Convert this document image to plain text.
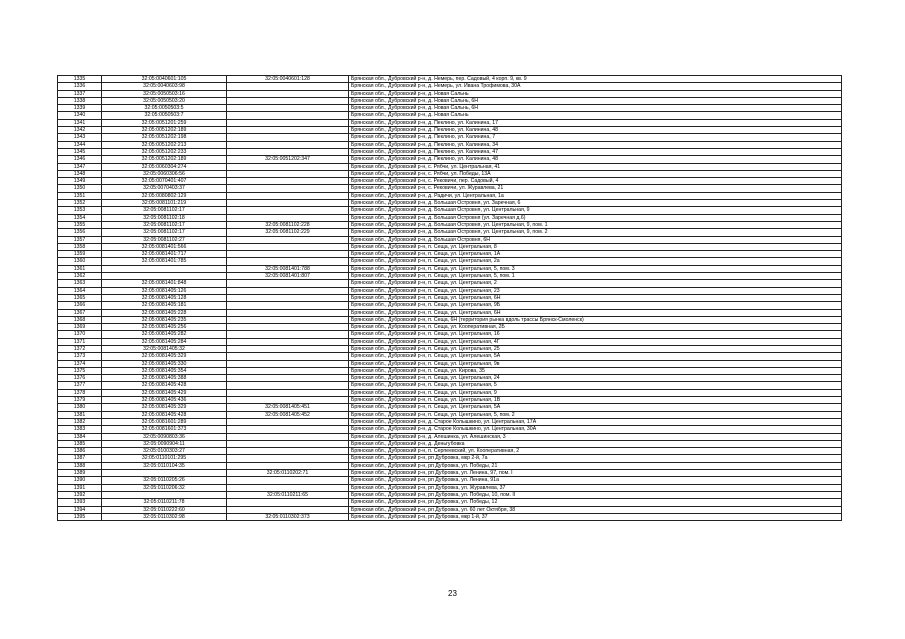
1335	32:05:0040601:105	32:05:0040601:128	Брянская обл., Дубровский р-н, д. Немерь, пер. Садовый, 4 корп. 9, кв. 9
1336	32:05:0040603:98		Брянская обл., Дубровский р-н, д. Немерь, ул. Ивана Трофимова, 30А
1337	32:05:0050503:16		Брянская обл., Дубровский р-н, д. Новая Сальнь
1338	32:05:0050503:20		Брянская обл., Дубровский р-н, д. Новая Сальнь, 6Н
1339	32:05:0050503:5		Брянская обл., Дубровский р-н, д. Новая Сальнь, 6Н
1340	32:05:0050503:7		Брянская обл., Дубровский р-н, д. Новая Сальнь
1341	32:05:0051201:259		Брянская обл., Дубровский р-н, д. Пеклино, ул. Калинина, 17
1342	32:05:0051202:189		Брянская обл., Дубровский р-н, д. Пеклино, ул. Калинина, 48
1343	32:05:0051202:198		Брянская обл., Дубровский р-н, д. Пеклино, ул. Калинина, 7
1344	32:05:0051202:213		Брянская обл., Дубровский р-н, д. Пеклино, ул. Калинина, 34
1345	32:05:0051202:233		Брянская обл., Дубровский р-н, д. Пеклино, ул. Калинина, 47
1346	32:05:0051202:189	32:05:0051202:347	Брянская обл., Дубровский р-н, д. Пеклино, ул. Калинина, 48
1347	32:05:0060304:274		Брянская обл., Дубровский р-н, с. Рябчи, ул. Центральная, 41
1348	32:05:0060306:56		Брянская обл., Дубровский р-н, с. Рябчи, ул. Победы, 13А
1349	32:05:0070401:407		Брянская обл., Дубровский р-н, с. Рековичи, пер. Садовый, 4
1350	32:05:0070403:37		Брянская обл., Дубровский р-н, с. Рековичи, ул. Журавлева, 21
1351	32:05:0080802:129		Брянская обл., Дубровский р-н, д. Радичи, ул. Центральная, 1а
1352	32:05:0081101:219		Брянская обл., Дубровский р-н, д. Большая Островня, ул. Заречная, 6
1353	32:05:0081102:17		Брянская обл., Дубровский р-н, д. Большая Островня, ул. Центральная, 9
1354	32:05:0081102:18		Брянская обл., Дубровский р-н, д. Большая Островня (ул. Заречная д.6)
1355	32:05:0081102:17	32:05:0081102:228	Брянская обл., Дубровский р-н, д. Большая Островня, ул. Центральная, 9, пом. 1
1356	32:05:0081102:17	32:05:0081102:229	Брянская обл., Дубровский р-н, д. Большая Островня, ул. Центральная, 9, пом. 2
1357	32:05:0081102:27		Брянская обл., Дубровский р-н, д. Большая Островня, 6Н
1358	32:05:0081401:566		Брянская обл., Дубровский р-н, п. Сеща, ул. Центральная, 8
1359	32:05:0081401:717		Брянская обл., Дубровский р-н, п. Сеща, ул. Центральная, 1А
1360	32:05:0081401:785		Брянская обл., Дубровский р-н, п. Сеща, ул. Центральная, 2а
1361		32:05:0081401:788	Брянская обл., Дубровский р-н, п. Сеща, ул. Центральная, 5, пом. 3
1362		32:05:0081401:807	Брянская обл., Дубровский р-н, п. Сеща, ул. Центральная, 5, пом. 1
1363	32:05:0081401:848		Брянская обл., Дубровский р-н, п. Сеща, ул. Центральная, 2
1364	32:05:0081405:126		Брянская обл., Дубровский р-н, п. Сеща, ул. Центральная, 23
1365	32:05:0081405:128		Брянская обл., Дубровский р-н, п. Сеща, ул. Центральная, 6Н
1366	32:05:0081405:181		Брянская обл., Дубровский р-н, п. Сеща, ул. Центральная, 9Б
1367	32:05:0081405:228		Брянская обл., Дубровский р-н, п. Сеща, ул. Центральная, 6Н
1368	32:05:0081405:235		Брянская обл., Дубровский р-н, п. Сеща, 6Н (территория рынка вдоль трассы Брянск-Смоленск)
1369	32:05:0081405:256		Брянская обл., Дубровский р-н, п. Сеща, ул. Кооперативная, 2Б
1370	32:05:0081405:282		Брянская обл., Дубровский р-н, п. Сеща, ул. Центральная, 16
1371	32:05:0081405:284		Брянская обл., Дубровский р-н, п. Сеща, ул. Центральная, 4Г
1372	32:05:0081405:32		Брянская обл., Дубровский р-н, п. Сеща, ул. Центральная, 25
1373	32:05:0081405:329		Брянская обл., Дубровский р-н, п. Сеща, ул. Центральная, 5А
1374	32:05:0081405:330		Брянская обл., Дубровский р-н, п. Сеща, ул. Центральная, 9в
1375	32:05:0081405:354		Брянская обл., Дубровский р-н, п. Сеща, ул. Кирова, 35
1376	32:05:0081405:388		Брянская обл., Дубровский р-н, п. Сеща, ул. Центральная, 24
1377	32:05:0081405:428		Брянская обл., Дубровский р-н, п. Сеща, ул. Центральная, 5
1378	32:05:0081405:429		Брянская обл., Дубровский р-н, п. Сеща, ул. Центральная, 9
1379	32:05:0081405:436		Брянская обл., Дубровский р-н, п. Сеща, ул. Центральная, 1В
1380	32:05:0081405:329	32:05:0081405:451	Брянская обл., Дубровский р-н, п. Сеща, ул. Центральная, 5А
1381	32:05:0081405:428	32:05:0081405:452	Брянская обл., Дубровский р-н, п. Сеща, ул. Центральная, 5, пом. 2
1382	32:05:0081601:289		Брянская обл., Дубровский р-н, д. Старое Колышкино, ул. Центральная, 17А
1383	32:05:0081601:373		Брянская обл., Дубровский р-н, д. Старое Колышкино, ул. Центральная, 30А
1384	32:05:0090803:36		Брянская обл., Дубровский р-н, д. Алешинка, ул. Алешинская, 3
1385	32:05:0090904:11		Брянская обл., Дубровский р-н, д. Деньгубовка
1386	32:05:0100303:27		Брянская обл., Дубровский р-н, п. Серпеевский, ул. Кооперативная, 2
1387	32:05:0110101:295		Брянская обл., Дубровский р-н, рп Дубровка, мкр 2-й, 7а
1388	32:05:0110104:35		Брянская обл., Дубровский р-н, рп Дубровка, ул. Победы, 21
1389		32:05:0110202:71	Брянская обл., Дубровский р-н, рп Дубровка, ул. Ленина, 97, пом. I
1390	32:05:0110205:26		Брянская обл., Дубровский р-н, рп Дубровка, ул. Ленина, 91а
1391	32:05:0110206:32		Брянская обл., Дубровский р-н, рп Дубровка, ул. Журавлева, 37
1392		32:05:0110211:65	Брянская обл., Дубровский р-н, рп Дубровка, ул. Победы, 10, пом. II
1393	32:05:0110211:78		Брянская обл., Дубровский р-н, рп Дубровка, ул. Победы, 12
1394	32:05:0110222:60		Брянская обл., Дубровский р-н, рп Дубровка, ул. 60 лет Октября, 38
1395	32:05:0110302:98	32:05:0110302:373	Брянская обл., Дубровский р-н, рп Дубровка, мкр 1-й, 37
23
